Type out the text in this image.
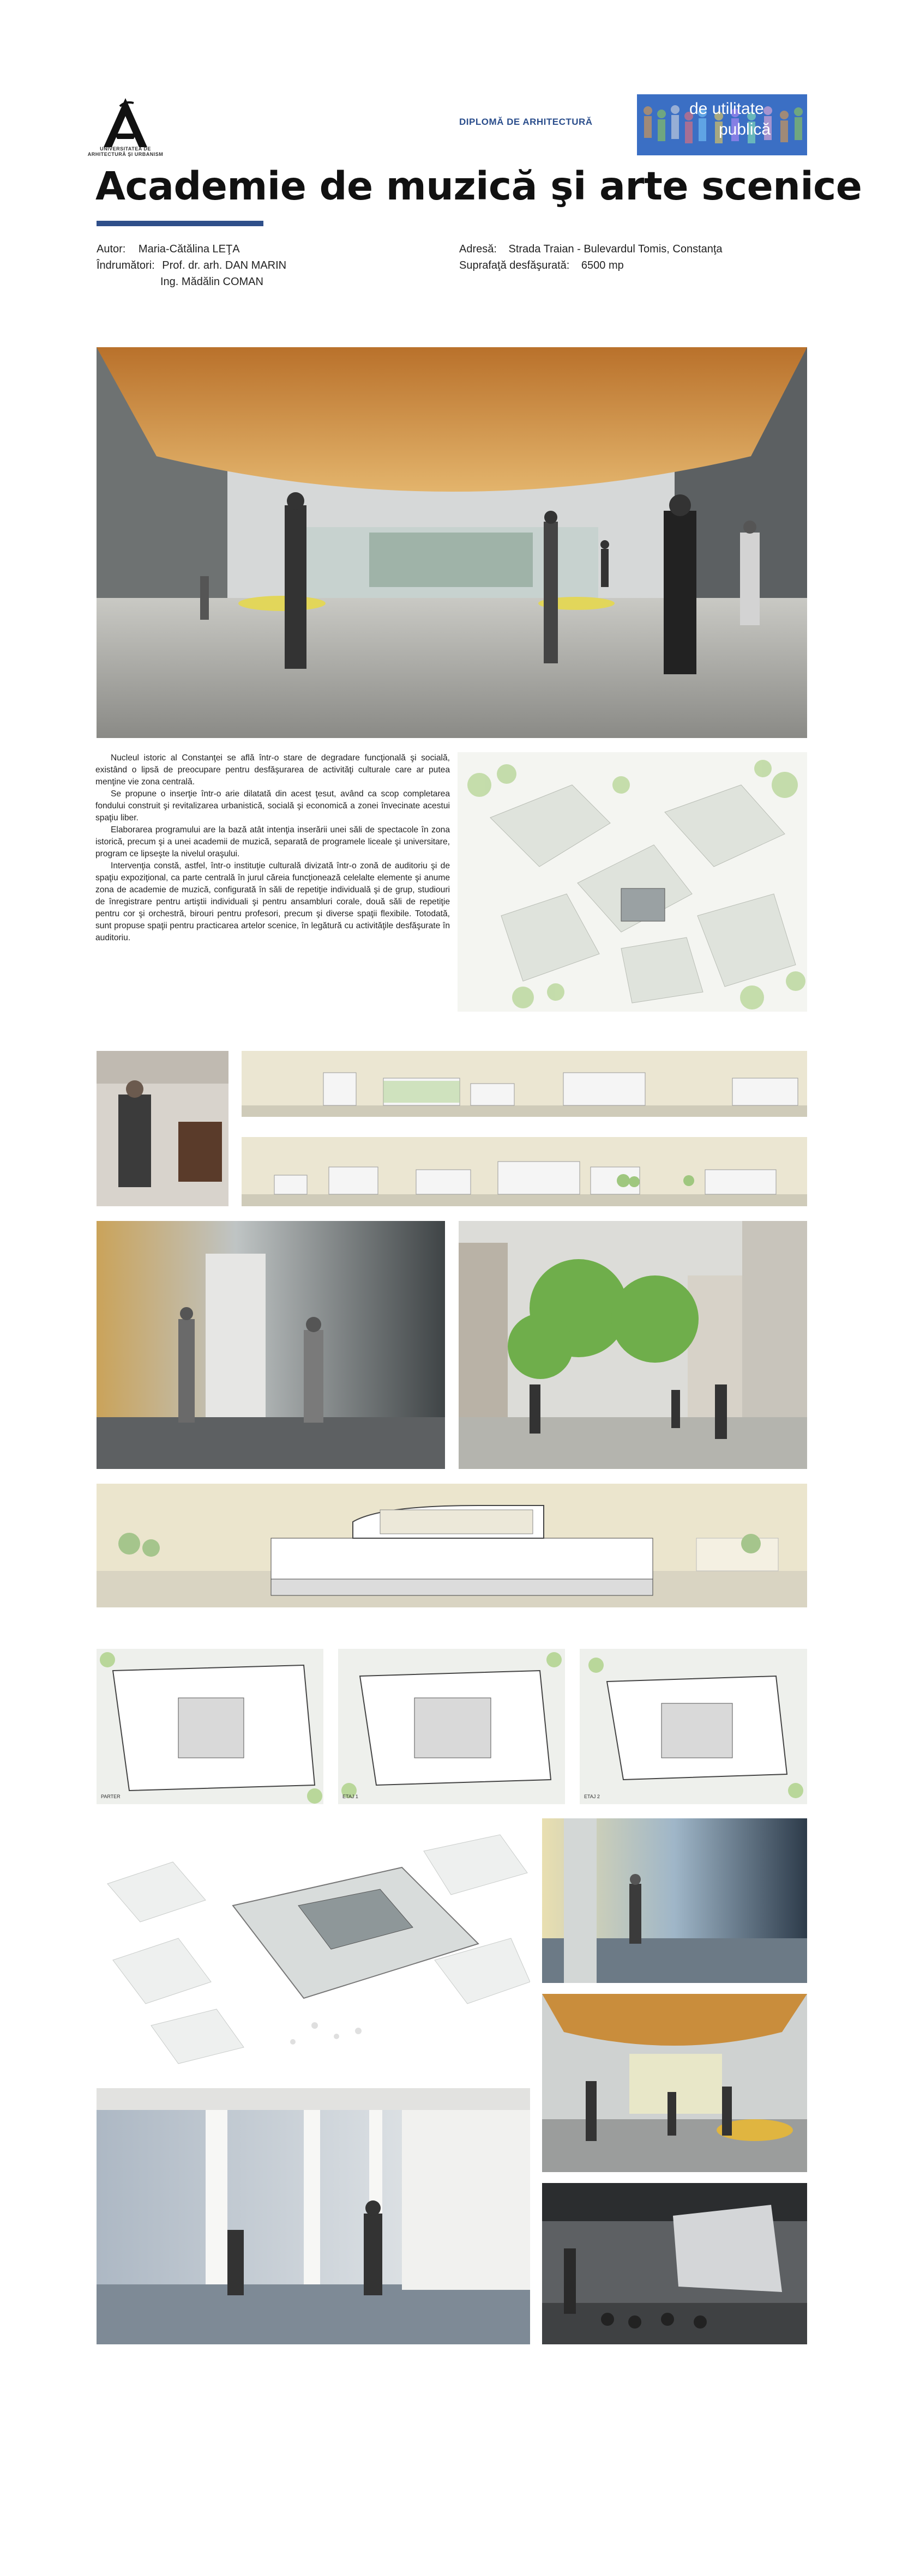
UNIVERSITATEA DE ARHITECTURĂ ŞI URBANISM
DIPLOMĂ DE ARHITECTURĂ
de utilitate
publică
Academie de muzică şi arte scenice
Autor: Maria-Cătălina LEŢA
Îndrumători: Prof. dr. arh. DAN MARIN
Ing. Mădălin COMAN
Adresă: Strada Traian - Bulevardul Tomis, Constanţa
Suprafaţă desfăşurată: 6500 mp

Nucleul istoric al Constanţei se află într-o stare de degradare funcţională şi socială, existând o lipsă de preocupare pentru desfăşurarea de activităţi culturale care ar putea menţine vie zona centrală.

Se propune o inserţie într-o arie dilatată din acest ţesut, având ca scop completarea fondului construit şi revitalizarea urbanistică, socială şi economică a zonei învecinate acestui spaţiu liber.

Elaborarea programului are la bază atât intenţia inserării unei săli de spectacole în zona istorică, precum şi a unei academii de muzică, separată de programele liceale şi universitare, program ce lipseşte la nivelul oraşului.

Intervenţia constă, astfel, într-o instituţie culturală divizată într-o zonă de auditoriu şi de spaţiu expoziţional, ca parte centrală în jurul căreia funcţionează celelalte elemente şi anume zona de academie de muzică, configurată în săli de repetiţie individuală şi de grup, studiouri de înregistrare pentru artiştii individuali şi pentru ansambluri corale, două săli de repetiţie pentru cor şi orchestră, birouri pentru profesori, precum şi diverse spaţii flexibile. Totodată, sunt propuse spaţii pentru practicarea artelor scenice, în legătură cu activităţile desfăşurate în auditoriu.

PARTER	ETAJ 1	ETAJ 2
